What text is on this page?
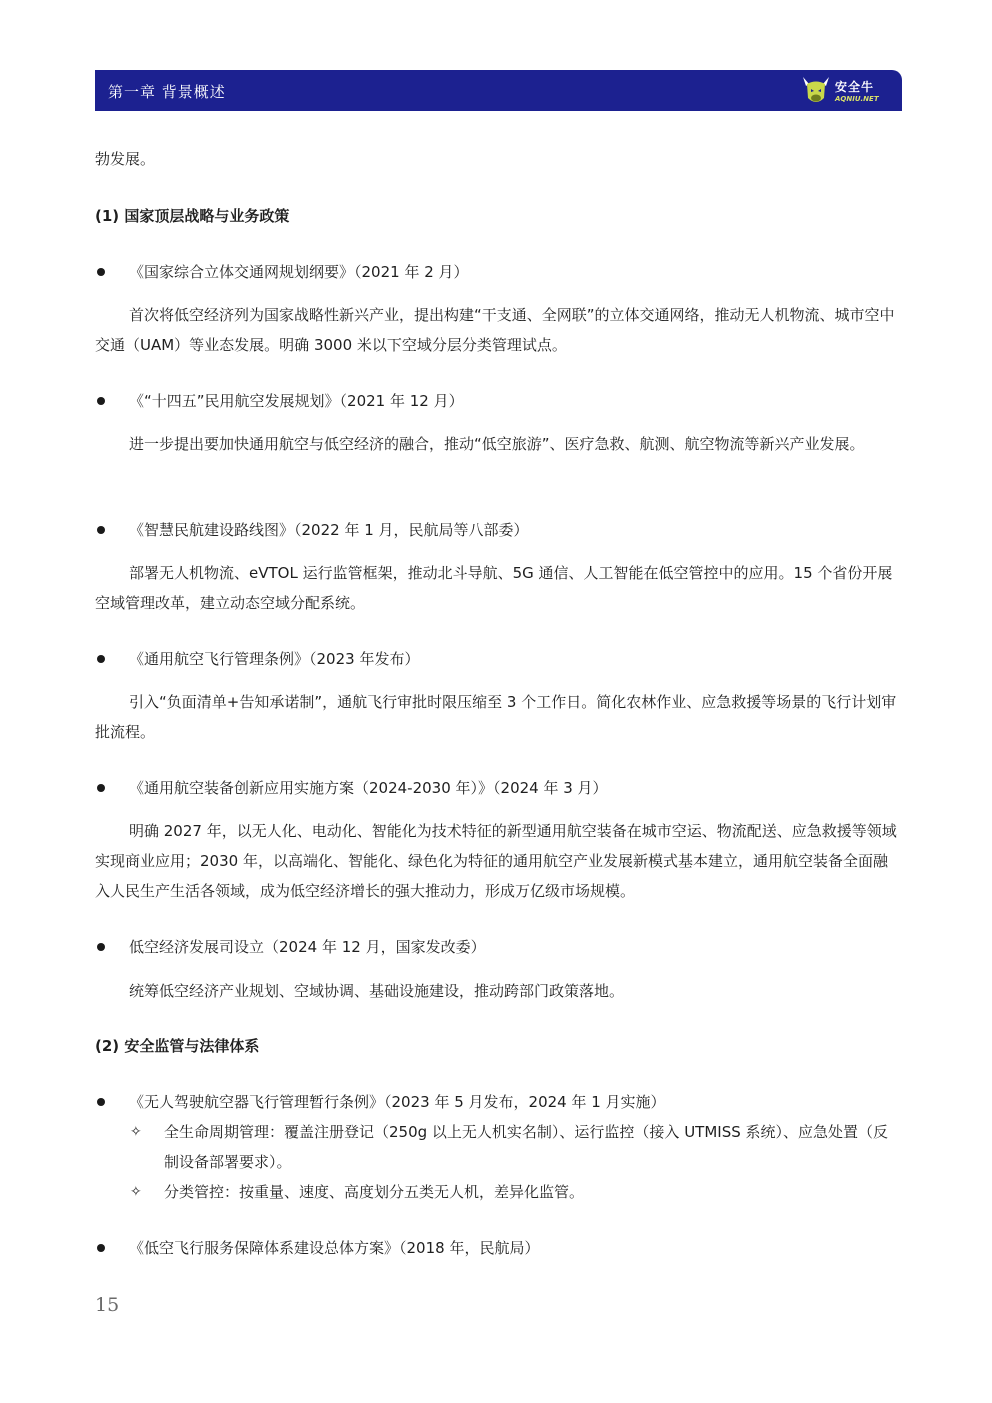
第一章 背景概述	安全牛
AQNIU.NET

勃发展。

(1) 国家顶层战略与业务政策
《国家综合立体交通网规划纲要》（2021 年 2 月）

首次将低空经济列为国家战略性新兴产业，提出构建“干支通、全网联”的立体交通网络，推动无人机物流、城市空中交通（UAM）等业态发展。明确 3000 米以下空域分层分类管理试点。

《“十四五”民用航空发展规划》（2021 年 12 月）

进一步提出要加快通用航空与低空经济的融合，推动“低空旅游”、医疗急救、航测、航空物流等新兴产业发展。

《智慧民航建设路线图》（2022 年 1 月，民航局等八部委）

部署无人机物流、eVTOL 运行监管框架，推动北斗导航、5G 通信、人工智能在低空管控中的应用。15 个省份开展空域管理改革，建立动态空域分配系统。

《通用航空飞行管理条例》（2023 年发布）

引入“负面清单+告知承诺制”，通航飞行审批时限压缩至 3 个工作日。简化农林作业、应急救援等场景的飞行计划审批流程。

《通用航空装备创新应用实施方案（2024-2030 年）》（2024 年 3 月）

明确 2027 年，以无人化、电动化、智能化为技术特征的新型通用航空装备在城市空运、物流配送、应急救援等领域实现商业应用；2030 年，以高端化、智能化、绿色化为特征的通用航空产业发展新模式基本建立，通用航空装备全面融入人民生产生活各领域，成为低空经济增长的强大推动力，形成万亿级市场规模。

低空经济发展司设立（2024 年 12 月，国家发改委）

统筹低空经济产业规划、空域协调、基础设施建设，推动跨部门政策落地。

(2) 安全监管与法律体系
《无人驾驶航空器飞行管理暂行条例》（2023 年 5 月发布，2024 年 1 月实施）
✧ 全生命周期管理：覆盖注册登记（250g 以上无人机实名制）、运行监控（接入 UTMISS 系统）、应急处置（反制设备部署要求）。
✧ 分类管控：按重量、速度、高度划分五类无人机，差异化监管。
《低空飞行服务保障体系建设总体方案》（2018 年，民航局）
15
